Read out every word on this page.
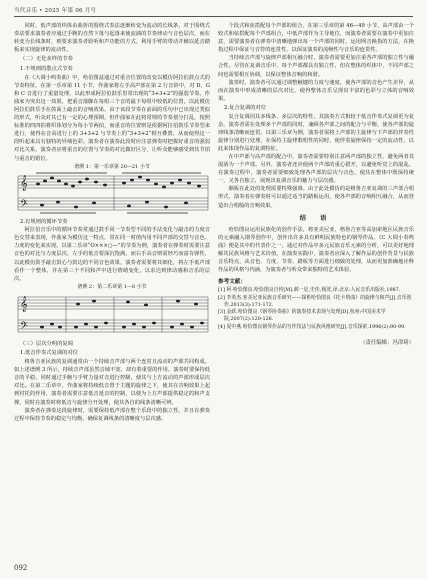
当代音乐 • 2025 年第 06 月号

同时，低声部的织体由曲折的围绕式奏法逐渐转变为流动的长线条，对于围绕式奏法要求演奏者应通过手腕的自然下落与起落来使流淌的节奏律动与音色层次，而在转变为长线条时，则要求演奏者聆听和声功能的方式，利用手臂的带动并辅以延音踏板来实现旋律的流动性。

（二）无化多样的节奏
1.不规则的散点式节奏

在《大调小鸣奏曲》中，哈伯图兹通过对重音位置的改变以模仿阿拉伯鼓点式的节奏特征。在第一乐章第 11 小节，作曲家将左手高声部在第 2 行音阶中，对 D、G 和 C 音进行了重量处理，以此形成阿拉伯鼓乐里常出现的“3+3+2”的强弱节奏。作曲家为突出这一效果，把重音落脚在每组三个音的最下每组中较低的位置，以此模仿阿拉伯鼓乐手在鼓面上敲击的音响效果。由于该段节奏在前面的乐句中已出现过类似的形式，听众对其已有一定的心理预期，但作曲家在此将常规的节奏划分打乱，按照标准的四四拍将织体划分为每小节两拍，而重音的位置则是依据阿拉伯鼓乐节奏型来进行，使得在音高进行上的 3+3+2 与节奏上的“3+3+2”相互叠置，从而使得这一段听起来具有独特的异域色彩。演奏者在演奏此段时应注意弹奏时把握好重音的强弱对比关系，演奏者应将重音的位置与节奏的对比做好区分，让听众能够感受到其节拍与重音的错位。

谱例 1：第一乐章第 20—21 小节

𝄞
𝄢
2.有规则的循环节奏

阿拉伯音乐中的循环节奏常通过鼓手同一节奏型不同的手法变化与敲击的力度音色交替来表现，作曲家为模仿这一特点，常在同一时值内用不同声部的交替与音色、力度的变化来实现。以第二乐章“O×××○—”的节奏为例，演奏者在弹奏时需要注意音色的对比与力度层次，左手的低音要深沉饱满，而右手高音则需轻巧而富有弹性，以此模仿鼓手敲击鼓心与鼓边的不同音色效果。演奏者需要将其细化，将左手低声部看作一个整体，并在第三个不同和声中进行情绪变化，以求达到律动感和音乐的层次。

谱例 2：第二乐章第 1—8 小节

𝄞
𝄢
（三）层次分明的复调
1.低音伴奏式复调的对位

格鲁吉亚民族的复调通常由一个持续音声部与两个连贯且流动的声部共同构成。如上述谱例 3 所示，持续音声部虽然音域不宽，却有着重要的作用。演奏时要保持低音的平稳，同时通过手腕与手臂力量对音进行控制，使其与上方流动的声部形成层次对比。在第二乐章中，作曲家将持续低音置于主题的旋律之下，使其在音响效果上起到衬托的作用，演奏者需要注意低音延音的控制，以便为上方声部提供稳定的和声支撑，同时在演奏时将低音与旋律分开处理，使其各自的线条清晰可辨。

演奏者在弹奏这段旋律时，需要保持低声部在整个乐段中的独立性，并且在弹奏过程中保持节奏的稳定与均衡，确保复调线条的清晰度与层次感。

个段式和弦搭配每个声部的组合。在第三乐章的第 46—49 小节，高声部由一个较式和弦搭配每个声部组合，中低声部作为主导地位，而演奏者需要在演奏中更加注意，需要演奏者在弹奏中清晰地弹出每一个声部的同时，运用网音换指的方法，在换指过程中保证与音符的连贯性，以保证演奏的流畅性与音乐的连贯性。

当持续音声部与旋律声部相互融合时，演奏者需要更加注重各声部的独立性与融合性。尽管在复调音乐中，每个声部都具有独立性，但在整体的织体中，不同声部之间也需要相互协调，以保证整体音响的和谐。

演奏时，演奏者可以通过调整触键的力度与速度，使各声部的音色产生差异，从而在演奏中形成清晰的层次对比，使得整体音乐呈现出丰富的色彩与立体的音响效果。

2.复合复调的对位

复合复调因其多线条、多层次的特性，其演奏方式相较于低音伴奏式复调更为复杂。演奏者需在处理多个声部的同时，兼顾各声部之间的配合与平衡，使各声部的旋律线条清晰而连贯。以第三乐章为例，演奏者需将上声部的主旋律与下声部的伴奏性旋律分别进行处理，在保持主旋律歌唱性的同时，使伴奏旋律保持一定的流动性，以此来体现作品的复调特征。

在中声部与高声部的配合中，演奏者需要特别注意两声部的独立性，避免两者其混淆为一个声部。另外，演奏者还应使两个声部的重心错开，以避免听觉上的混乱。在演奏过程中，演奏者需要细致处理各声部的层次与音色，使其在整体中既保持统一，又各自独立，展现出复调音乐的魅力与层次感。

颇板在此处的处理需要特殊强调。由于此处模仿的是格鲁吉亚复调的三声部合唱形式，演奏者在弹奏时可以通过适当的踏板运用，使各声部的音响相互融合，从而营造出合唱般的音响效果。

结 语

哈恰图良运用民族化的创作手法，将亚美尼亚、格鲁吉亚等高加索地区民族音乐的元素融入钢琴创作中，创作出许多具有鲜明民族特色的钢琴作品。《C 大调小奏鸣曲》便是其中的代表作之一。通过对作品中多元民族音乐元素的分析，可以更好地理解其民族风格与艺术价值。在演奏实践中，演奏者应深入了解作品的创作背景与民族音乐特点，从音色、力度、节奏、踏板等方面进行细致的处理，从而更加准确地诠释作品的风格与内涵，为演奏者与听众带来独特的艺术体验。

参考文献：

[1] 阿·哈恰图良.哈恰图良自传[M].郝一星,史佳,杨洸,译.北京:人民音乐出版社,1987.

[2] 李英杰.亚美尼亚民族音乐研究——探析哈恰图良《托卡塔曲》的旋律与和声[J].音乐创作,2013(3):171-172.

[3] 金跃.哈恰图良《钢琴协奏曲》的演奏技术表现与处理[D].杭州:中国美术学院,2007(2):120-126.

[4] 夏中燕.哈恰图良钢琴作品的写作技法与民族风格研究[J].音乐探索,1996(2):90-99.

（责任编辑：冯津琦）
092
